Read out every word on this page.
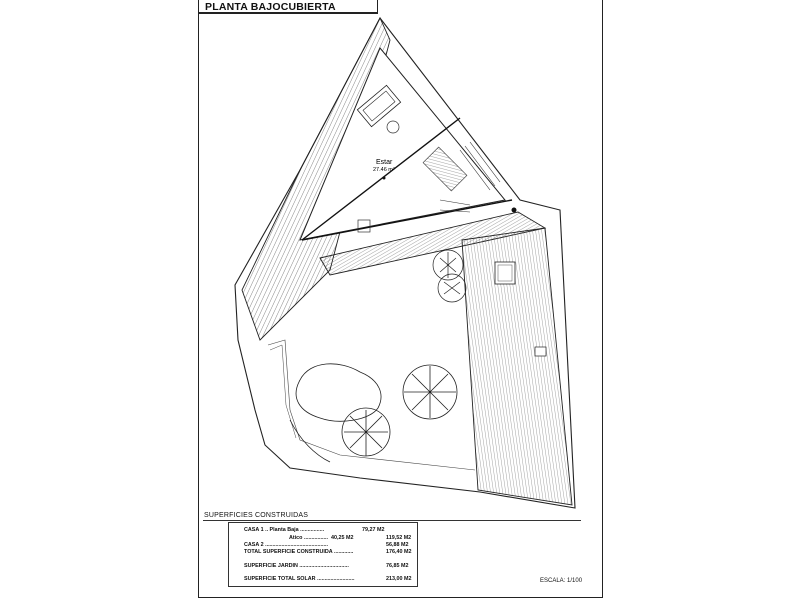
PLANTA BAJOCUBIERTA
Estar
27.46 m²
SUPERFICIES CONSTRUIDAS
CASA 1 .. Planta Baja ................	79,27 M2
Atico ................ 40,25 M2	119,52 M2
CASA 2 ..........................................	56,88 M2
TOTAL SUPERFICIE CONSTRUIDA .............	176,40 M2
SUPERFICIE JARDIN .................................	76,85 M2
SUPERFICIE TOTAL SOLAR .........................	213,00 M2	ESCALA: 1/100
